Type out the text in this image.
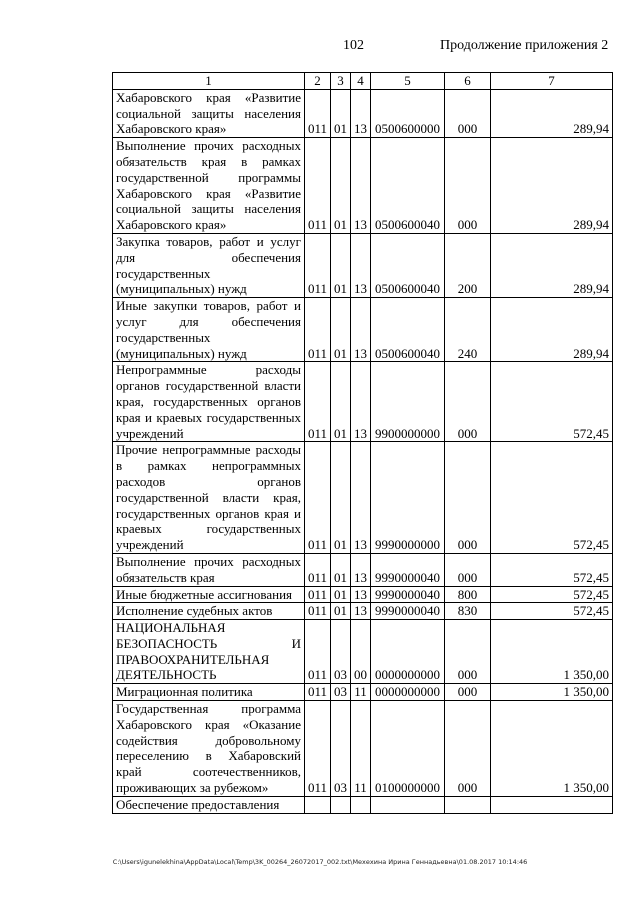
102	Продолжение приложения 2
1	2	3	4	5	6	7
Хабаровского края «Развитие социальной защиты населения Хабаровского края»	011	01	13	0500600000	000	289,94
Выполнение прочих расходных обязательств края в рамках государственной программы Хабаровского края «Развитие социальной защиты населения Хабаровского края»	011	01	13	0500600040	000	289,94
Закупка товаров, работ и услуг для обеспечения государственных (муниципальных) нужд	011	01	13	0500600040	200	289,94
Иные закупки товаров, работ и услуг для обеспечения государственных (муниципальных) нужд	011	01	13	0500600040	240	289,94
Непрограммные расходы органов государственной власти края, государственных органов края и краевых государственных учреждений	011	01	13	9900000000	000	572,45
Прочие непрограммные расходы в рамках непрограммных расходов органов государственной власти края, государственных органов края и краевых государственных учреждений	011	01	13	9990000000	000	572,45
Выполнение прочих расходных обязательств края	011	01	13	9990000040	000	572,45
Иные бюджетные ассигнования	011	01	13	9990000040	800	572,45
Исполнение судебных актов	011	01	13	9990000040	830	572,45
НАЦИОНАЛЬНАЯ БЕЗОПАСНОСТЬ И ПРАВООХРАНИТЕЛЬНАЯ ДЕЯТЕЛЬНОСТЬ	011	03	00	0000000000	000	1 350,00
Миграционная политика	011	03	11	0000000000	000	1 350,00
Государственная программа Хабаровского края «Оказание содействия добровольному переселению в Хабаровский край соотечественников, проживающих за рубежом»	011	03	11	0100000000	000	1 350,00
Обеспечение предоставления						
C:\Users\igunelekhina\AppData\Local\Temp\3K_00264_26072017_002.txt\Мехехина Ирина Геннадьевна\01.08.2017 10:14:46
